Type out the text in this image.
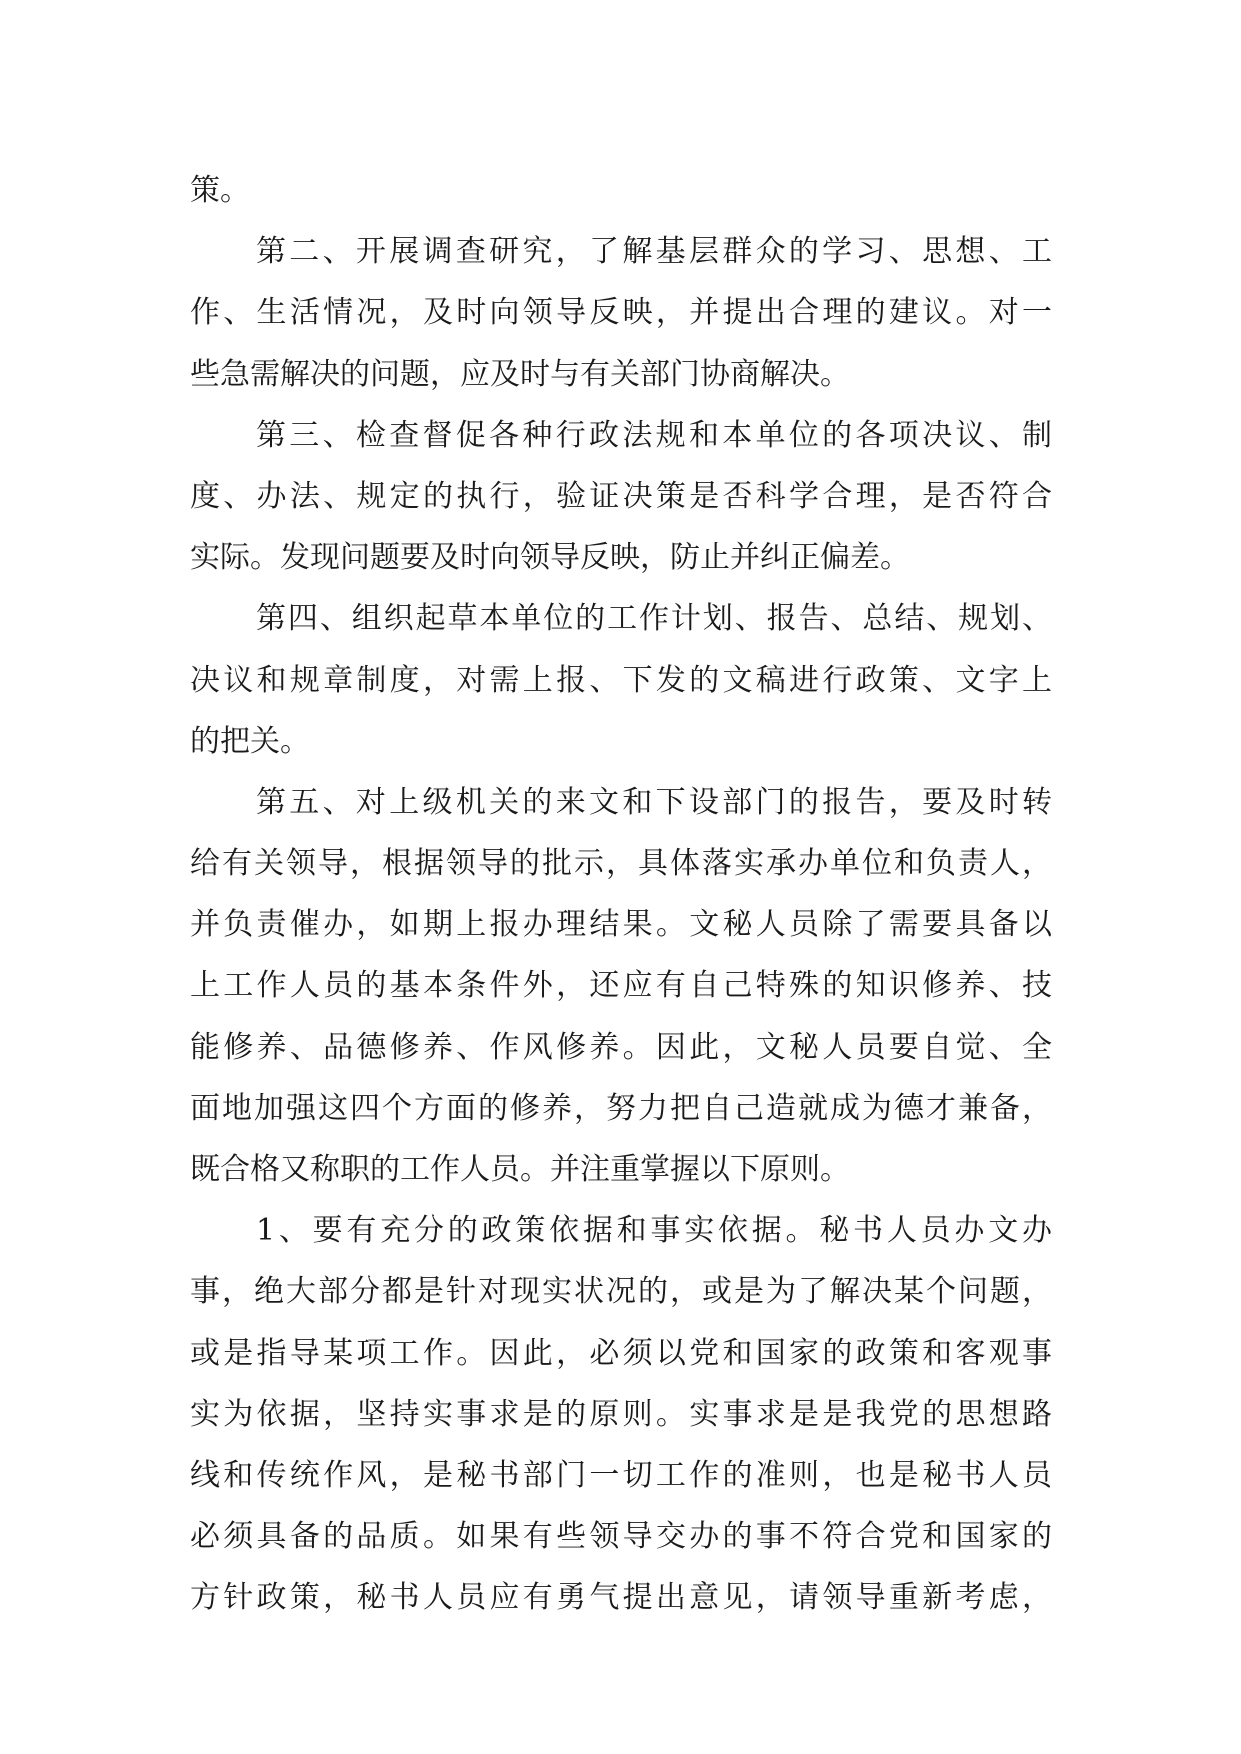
策。
第二、开展调查研究，了解基层群众的学习、思想、工
作、生活情况，及时向领导反映，并提出合理的建议。对一
些急需解决的问题，应及时与有关部门协商解决。
第三、检查督促各种行政法规和本单位的各项决议、制
度、办法、规定的执行，验证决策是否科学合理，是否符合
实际。发现问题要及时向领导反映，防止并纠正偏差。
第四、组织起草本单位的工作计划、报告、总结、规划、
决议和规章制度，对需上报、下发的文稿进行政策、文字上
的把关。
第五、对上级机关的来文和下设部门的报告，要及时转
给有关领导，根据领导的批示，具体落实承办单位和负责人，
并负责催办，如期上报办理结果。文秘人员除了需要具备以
上工作人员的基本条件外，还应有自己特殊的知识修养、技
能修养、品德修养、作风修养。因此，文秘人员要自觉、全
面地加强这四个方面的修养，努力把自己造就成为德才兼备，
既合格又称职的工作人员。并注重掌握以下原则。
1、要有充分的政策依据和事实依据。秘书人员办文办
事，绝大部分都是针对现实状况的，或是为了解决某个问题，
或是指导某项工作。因此，必须以党和国家的政策和客观事
实为依据，坚持实事求是的原则。实事求是是我党的思想路
线和传统作风，是秘书部门一切工作的准则，也是秘书人员
必须具备的品质。如果有些领导交办的事不符合党和国家的
方针政策，秘书人员应有勇气提出意见，请领导重新考虑，
